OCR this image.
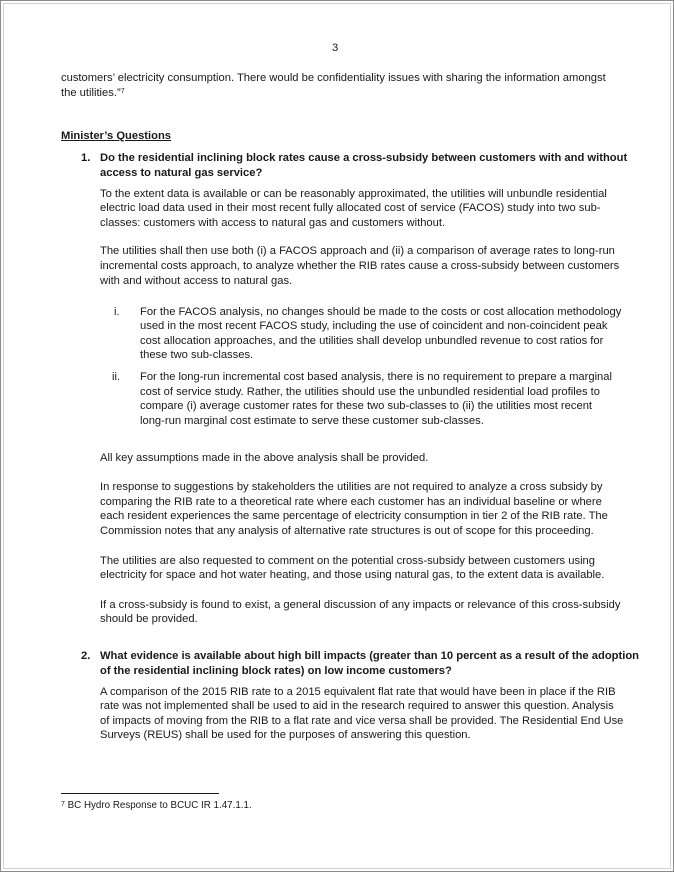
3
customers’ electricity consumption. There would be confidentiality issues with sharing the information amongst
the utilities.”$^7$
Minister’s Questions
1. Do the residential inclining block rates cause a cross-subsidy between customers with and without
access to natural gas service?
To the extent data is available or can be reasonably approximated, the utilities will unbundle residential
electric load data used in their most recent fully allocated cost of service (FACOS) study into two sub-
classes: customers with access to natural gas and customers without.
The utilities shall then use both (i) a FACOS approach and (ii) a comparison of average rates to long-run
incremental costs approach, to analyze whether the RIB rates cause a cross-subsidy between customers
with and without access to natural gas.
i. For the FACOS analysis, no changes should be made to the costs or cost allocation methodology
used in the most recent FACOS study, including the use of coincident and non-coincident peak
cost allocation approaches, and the utilities shall develop unbundled revenue to cost ratios for
these two sub-classes.
ii. For the long-run incremental cost based analysis, there is no requirement to prepare a marginal
cost of service study. Rather, the utilities should use the unbundled residential load profiles to
compare (i) average customer rates for these two sub-classes to (ii) the utilities most recent
long-run marginal cost estimate to serve these customer sub-classes.
All key assumptions made in the above analysis shall be provided.
In response to suggestions by stakeholders the utilities are not required to analyze a cross subsidy by
comparing the RIB rate to a theoretical rate where each customer has an individual baseline or where
each resident experiences the same percentage of electricity consumption in tier 2 of the RIB rate. The
Commission notes that any analysis of alternative rate structures is out of scope for this proceeding.
The utilities are also requested to comment on the potential cross-subsidy between customers using
electricity for space and hot water heating, and those using natural gas, to the extent data is available.
If a cross-subsidy is found to exist, a general discussion of any impacts or relevance of this cross-subsidy
should be provided.
2. What evidence is available about high bill impacts (greater than 10 percent as a result of the adoption
of the residential inclining block rates) on low income customers?
A comparison of the 2015 RIB rate to a 2015 equivalent flat rate that would have been in place if the RIB
rate was not implemented shall be used to aid in the research required to answer this question. Analysis
of impacts of moving from the RIB to a flat rate and vice versa shall be provided. The Residential End Use
Surveys (REUS) shall be used for the purposes of answering this question.
$^7$ BC Hydro Response to BCUC IR 1.47.1.1.
